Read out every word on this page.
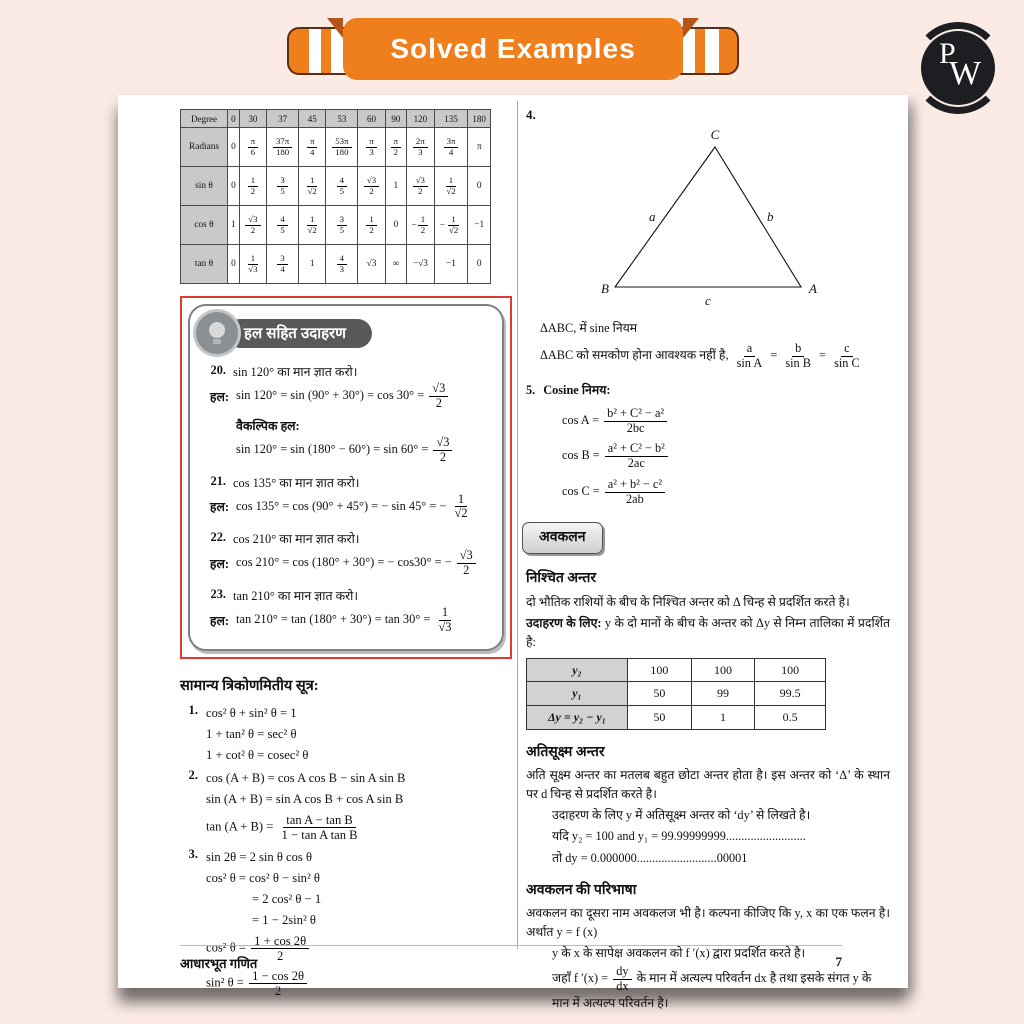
Solved Examples	P
W
Degree	0	30	37	45	53	60	90	120	135	180
Radians	0	$\frac{\pi}{6}$	$\frac{37\pi}{180}$	$\frac{\pi}{4}$	$\frac{53\pi}{180}$	$\frac{\pi}{3}$	$\frac{\pi}{2}$	$\frac{2\pi}{3}$	$\frac{3\pi}{4}$	π
sin θ	0	$\frac{1}{2}$	$\frac{3}{5}$	$\frac{1}{√2}$	$\frac{4}{5}$	$\frac{√3}{2}$	1	$\frac{√3}{2}$	$\frac{1}{√2}$	0
cos θ	1	$\frac{√3}{2}$	$\frac{4}{5}$	$\frac{1}{√2}$	$\frac{3}{5}$	$\frac{1}{2}$	0	− $\frac{1}{2}$	− $\frac{1}{√2}$	−1
tan θ	0	$\frac{1}{√3}$	$\frac{3}{4}$	1	$\frac{4}{3}$	√3	∞	−√3	−1	0
हल सहित उदाहरण
20. sin 120° का मान ज्ञात करो।
हल: $\sin 120^\circ = \sin (90^\circ + 30^\circ) = \cos 30^\circ = \frac{√3}{2}$
वैकल्पिक हल:
$\sin 120^\circ = \sin (180^\circ - 60^\circ) = \sin 60^\circ = \frac{√3}{2}$
21. cos 135° का मान ज्ञात करो।
हल: cos 135° = cos (90° + 45°) = − sin 45° = − $\frac{1}{√2}$
22. cos 210° का मान ज्ञात करो।
हल: cos 210° = cos (180° + 30°) = − cos30° = − $\frac{√3}{2}$
23. tan 210° का मान ज्ञात करो।
हल: $\tan 210^\circ = \tan (180^\circ + 30^\circ) = \tan 30^\circ = \frac{1}{√3}$
सामान्य त्रिकोणमितीय सूत्र:
1. cos² θ + sin² θ = 1
1 + tan² θ = sec² θ
1 + cot² θ = cosec² θ
2. cos (A + B) = cos A cos B − sin A sin B
sin (A + B) = sin A cos B + cos A sin B
$\tan (A + B) = \frac{\text{tan A − tan B}}{\text{1 − tan A tan B}}$
3. sin 2θ = 2 sin θ cos θ
cos² θ = cos² θ − sin² θ
= 2 cos² θ − 1
= 1 − 2sin² θ
cos² $\theta = \frac{1 + \cos 2\theta}{2}$
sin² $\theta = \frac{1 - \cos 2\theta}{2}$
4.
C
B	A
a	b
c
ΔABC, में sine नियम
ΔABC को समकोण होना आवश्यक नहीं है, $\frac{a}{\text{sin A}} = \frac{b}{\text{sin B}} = \frac{c}{\text{sin C}}$
5. Cosine निमय:
$\cos A = \frac{\text{b² + C² − a²}}{2bc}$
$\cos B = \frac{\text{a² + C² − b²}}{2ac}$
$\cos C = \frac{\text{a² + b² − c²}}{2ab}$
अवकलन
निश्चित अन्तर
दो भौतिक राशियों के बीच के निश्चित अन्तर को Δ चिन्ह से प्रदर्शित करते है।
उदाहरण के लिए: y के दो मानों के बीच के अन्तर को Δy से निम्न तालिका में प्रदर्शित है:
y₂	100	100	100
y₁	50	99	99.5
Δy = y₂ − y₁	50	1	0.5
अतिसूक्ष्म अन्तर
अति सूक्ष्म अन्तर का मतलब बहुत छोटा अन्तर होता है। इस अन्तर को ‘Δ’ के स्थान पर d चिन्ह से प्रदर्शित करते है।
उदाहरण के लिए y में अतिसूक्ष्म अन्तर को ‘dy’ से लिखते है।
यदि y₂ = 100 and y₁ = 99.99999999..........................
तो dy = 0.000000..........................00001
अवकलन की परिभाषा
अवकलन का दूसरा नाम अवकलज भी है। कल्पना कीजिए कि y, x का एक फलन है। अर्थात y = f (x)
y के x के सापेक्ष अवकलन को f ′(x) द्वारा प्रदर्शित करते है।
जहाँ f $'(x) = \frac{dy}{dx}$ के मान में अत्यल्प परिवर्तन dx है तथा इसके संगत y के मान में अत्यल्प परिवर्तन है।
आधारभूत गणित	7
